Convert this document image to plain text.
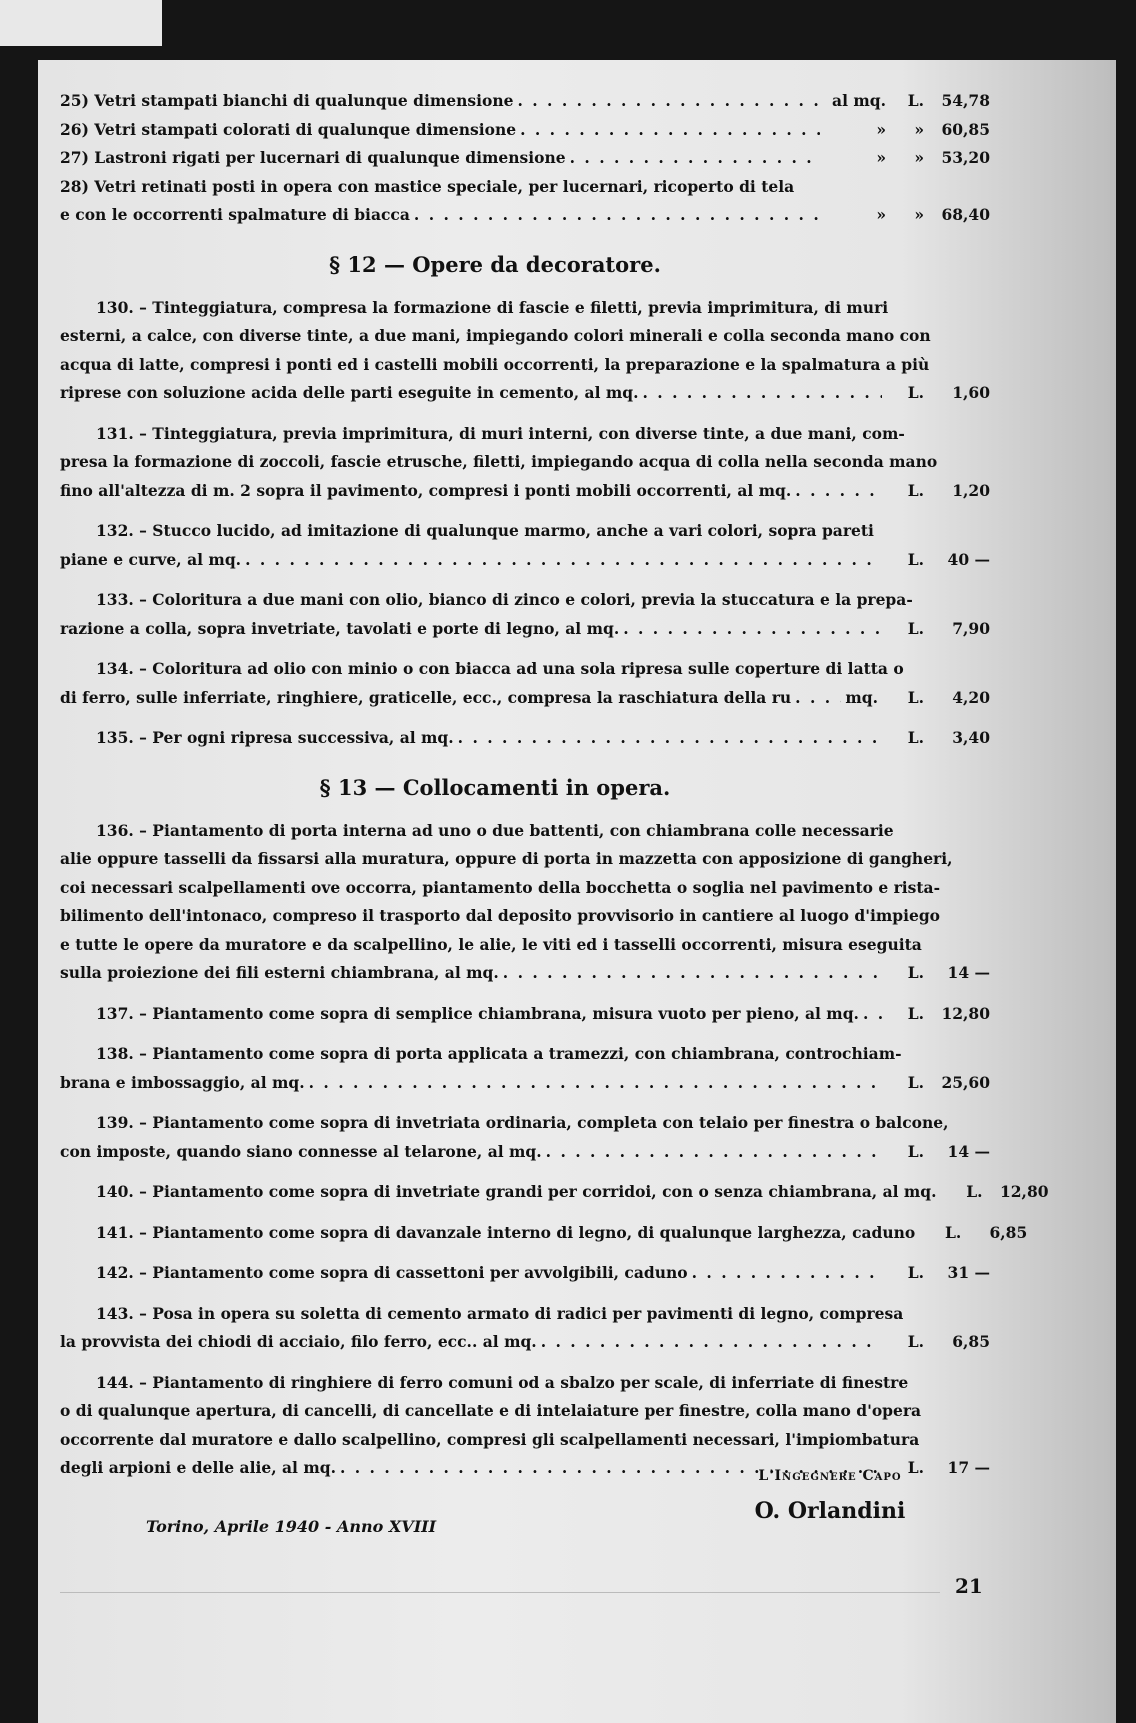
25) Vetri stampati bianchi di qualunque dimensione . . .	al mq.	L.	54,78
26) Vetri stampati colorati di qualunque dimensione . . .	»	»	60,85
27) Lastroni rigati per lucernari di qualunque dimensione . . .	»	»	53,20
28) Vetri retinati posti in opera con mastice speciale, per lucernari, ricoperto di tela
e con le occorrenti spalmature di biacca . . .	»	»	68,40
§ 12 — Opere da decoratore.
130. – Tinteggiatura, compresa la formazione di fascie e filetti, previa imprimitura, di muri
esterni, a calce, con diverse tinte, a due mani, impiegando colori minerali e colla seconda mano con
acqua di latte, compresi i ponti ed i castelli mobili occorrenti, la preparazione e la spalmatura a più
riprese con soluzione acida delle parti eseguite in cemento, al mq. . . .	L.	1,60
131. – Tinteggiatura, previa imprimitura, di muri interni, con diverse tinte, a due mani, com-
presa la formazione di zoccoli, fascie etrusche, filetti, impiegando acqua di colla nella seconda mano
fino all'altezza di m. 2 sopra il pavimento, compresi i ponti mobili occorrenti, al mq. . . .	L.	1,20
132. – Stucco lucido, ad imitazione di qualunque marmo, anche a vari colori, sopra pareti
piane e curve, al mq. . . .	L.	40 —
133. – Coloritura a due mani con olio, bianco di zinco e colori, previa la stuccatura e la prepa-
razione a colla, sopra invetriate, tavolati e porte di legno, al mq. . . .	L.	7,90
134. – Coloritura ad olio con minio o con biacca ad una sola ripresa sulle coperture di latta o
di ferro, sulle inferriate, ringhiere, graticelle, ecc., compresa la raschiatura della ru . . .	mq.	L.	4,20
135. – Per ogni ripresa successiva, al mq. . . .	L.	3,40
§ 13 — Collocamenti in opera.
136. – Piantamento di porta interna ad uno o due battenti, con chiambrana colle necessarie
alie oppure tasselli da fissarsi alla muratura, oppure di porta in mazzetta con apposizione di gangheri,
coi necessari scalpellamenti ove occorra, piantamento della bocchetta o soglia nel pavimento e rista-
bilimento dell'intonaco, compreso il trasporto dal deposito provvisorio in cantiere al luogo d'impiego
e tutte le opere da muratore e da scalpellino, le alie, le viti ed i tasselli occorrenti, misura eseguita
sulla proiezione dei fili esterni chiambrana, al mq. . . .	L.	14 —
137. – Piantamento come sopra di semplice chiambrana, misura vuoto per pieno, al mq. . . .	L.	12,80
138. – Piantamento come sopra di porta applicata a tramezzi, con chiambrana, controchiam-
brana e imbossaggio, al mq. . . .	L.	25,60
139. – Piantamento come sopra di invetriata ordinaria, completa con telaio per finestra o balcone,
con imposte, quando siano connesse al telarone, al mq. . . .	L.	14 —
140. – Piantamento come sopra di invetriate grandi per corridoi, con o senza chiambrana, al mq.	L.	12,80
141. – Piantamento come sopra di davanzale interno di legno, di qualunque larghezza, caduno	L.	6,85
142. – Piantamento come sopra di cassettoni per avvolgibili, caduno . . .	L.	31 —
143. – Posa in opera su soletta di cemento armato di radici per pavimenti di legno, compresa
la provvista dei chiodi di acciaio, filo ferro, ecc.. al mq. . . .	L.	6,85
144. – Piantamento di ringhiere di ferro comuni od a sbalzo per scale, di inferriate di finestre
o di qualunque apertura, di cancelli, di cancellate e di intelaiature per finestre, colla mano d'opera
occorrente dal muratore e dallo scalpellino, compresi gli scalpellamenti necessari, l'impiombatura
degli arpioni e delle alie, al mq. . . .	L.	17 —
Torino, Aprile 1940 - Anno XVIII
L'Ingegnere Capo
O. Orlandini
21
